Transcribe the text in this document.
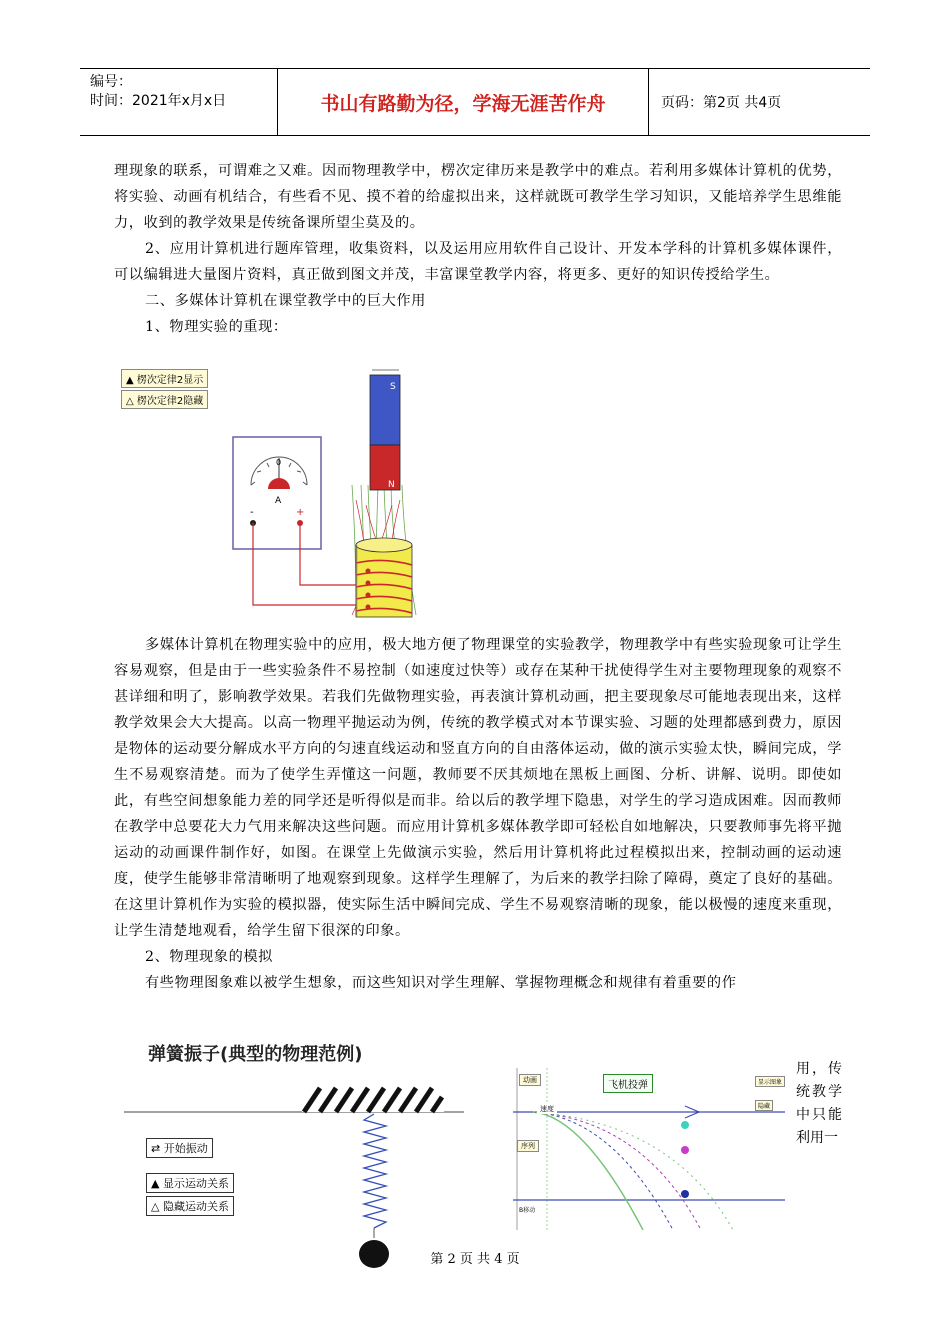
编号：
时间：2021年x月x日	书山有路勤为径，学海无涯苦作舟	页码：第2页 共4页

理现象的联系，可谓难之又难。因而物理教学中，楞次定律历来是教学中的难点。若利用多媒体计算机的优势，将实验、动画有机结合，有些看不见、摸不着的给虚拟出来，这样就既可教学生学习知识，又能培养学生思维能力，收到的教学效果是传统备课所望尘莫及的。

2、应用计算机进行题库管理，收集资料，以及运用应用软件自己设计、开发本学科的计算机多媒体课件，可以编辑进大量图片资料，真正做到图文并茂，丰富课堂教学内容，将更多、更好的知识传授给学生。

二、多媒体计算机在课堂教学中的巨大作用

1、物理实验的重现：

▲ 楞次定律2显示
△ 楞次定律2隐藏
0
A
-	+
S
N

多媒体计算机在物理实验中的应用，极大地方便了物理课堂的实验教学，物理教学中有些实验现象可让学生容易观察，但是由于一些实验条件不易控制（如速度过快等）或存在某种干扰使得学生对主要物理现象的观察不甚详细和明了，影响教学效果。若我们先做物理实验，再表演计算机动画，把主要现象尽可能地表现出来，这样教学效果会大大提高。以高一物理平抛运动为例，传统的教学模式对本节课实验、习题的处理都感到费力，原因是物体的运动要分解成水平方向的匀速直线运动和竖直方向的自由落体运动，做的演示实验太快，瞬间完成，学生不易观察清楚。而为了使学生弄懂这一问题，教师要不厌其烦地在黑板上画图、分析、讲解、说明。即使如此，有些空间想象能力差的同学还是听得似是而非。给以后的教学埋下隐患，对学生的学习造成困难。因而教师在教学中总要花大力气用来解决这些问题。而应用计算机多媒体教学即可轻松自如地解决，只要教师事先将平抛运动的动画课件制作好，如图。在课堂上先做演示实验，然后用计算机将此过程模拟出来，控制动画的运动速度，使学生能够非常清晰明了地观察到现象。这样学生理解了，为后来的教学扫除了障碍，奠定了良好的基础。在这里计算机作为实验的模拟器，使实际生活中瞬间完成、学生不易观察清晰的现象，能以极慢的速度来重现，让学生清楚地观看，给学生留下很深的印象。

2、物理现象的模拟

有些物理图象难以被学生想象，而这些知识对学生理解、掌握物理概念和规律有着重要的作

弹簧振子(典型的物理范例)
⇄ 开始振动
▲ 显示运动关系
△ 隐藏运动关系
飞机投弹
动画
速度
序列
显示图象
隐藏
B移动
用，传统教学中只能利用一
第 2 页 共 4 页
